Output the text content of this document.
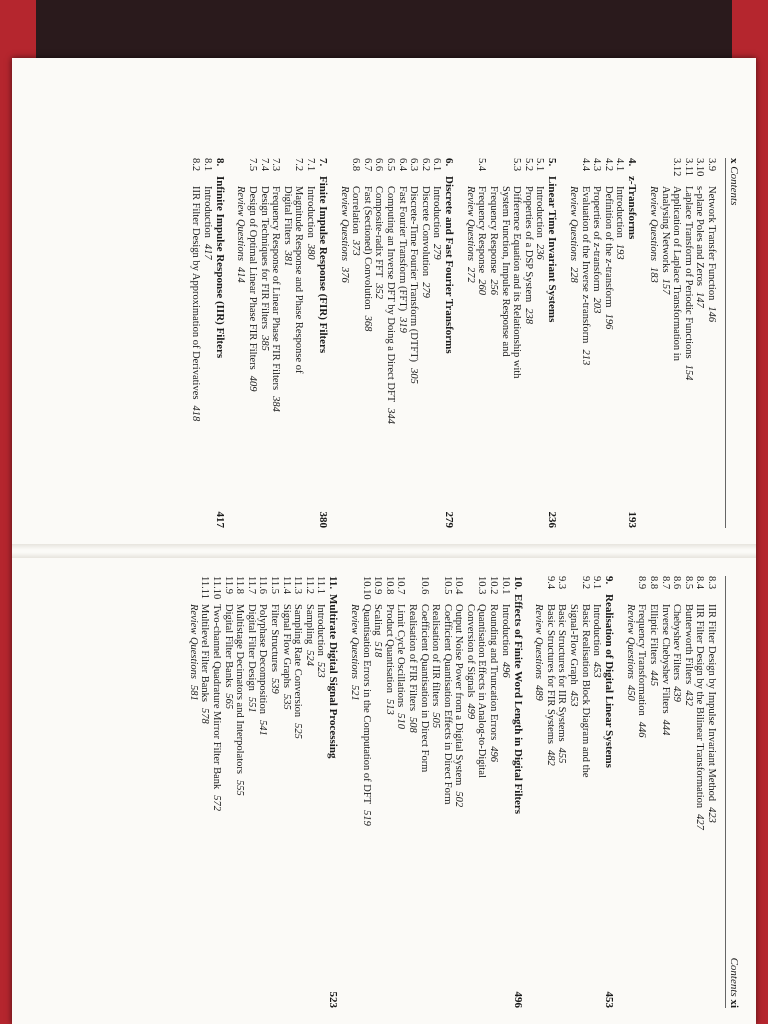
x Contents
3.9
Network Transfer Function146
3.10
s-plane Poles and Zeros147
3.11
Laplace Transform of Periodic Functions154
3.12
Application of Laplace Transformation in
Analysing Networks157
Review Questions183
4.
z-Transforms
193
4.1
Introduction193
4.2
Definition of the z-transform196
4.3
Properties of z-transform203
4.4
Evaluation of the Inverse z-transform213
Review Questions228
5.
Linear Time Invariant Systems
236
5.1
Introduction236
5.2
Properties of a DSP System238
5.3
Difference Equation and its Relationship with
System Function, Impulse Response and
Frequency Response256
5.4
Frequency Response260
Review Questions272
6.
Discrete and Fast Fourier Transforms
279
6.1
Introduction279
6.2
Discrete Convolution279
6.3
Discrete-Time Fourier Transform (DTFT)305
6.4
Fast Fourier Transform (FFT)319
6.5
Computing an Inverse DFT by Doing a Direct DFT344
6.6
Composite-radix FFT352
6.7
Fast (Sectioned) Convolution368
6.8
Correlation373
Review Questions376
7.
Finite Impulse Response (FIR) Filters
380
7.1
Introduction380
7.2
Magnitude Response and Phase Response of
Digital Filters381
7.3
Frequency Response of Linear Phase FIR Filters384
7.4
Design Techniques for FIR Filters385
7.5
Design of Optimal Linear Phase FIR Filters409
Review Questions414
8.
Infinite Impulse Response (IIR) Filters
417
8.1
Introduction417
8.2
IIR Filter Design by Approximation of Derivatives418
Contents xi
8.3
IIR Filter Design by Impulse Invariant Method423
8.4
IIR Filter Design by the Bilinear Transformation427
8.5
Butterworth Filters432
8.6
Chebyshev Filters439
8.7
Inverse Chebyshev Filters444
8.8
Elliptic Filters445
8.9
Frequency Transformation446
Review Questions450
9.
Realisation of Digital Linear Systems
453
9.1
Introduction453
9.2
Basic Realisation Block Diagram and the
Signal-Flow Graph453
9.3
Basic Structures for IIR Systems455
9.4
Basic Structures for FIR Systems482
Review Questions489
10.
Effects of Finite Word Length in Digital Filters
496
10.1
Introduction496
10.2
Rounding and Truncation Errors496
10.3
Quantisation Effects in Analog-to-Digital
Conversion of Signals499
10.4
Output Noise Power from a Digital System502
10.5
Coefficient Quantisation Effects in Direct Form
Realisation of IIR filters505
10.6
Coefficient Quantisation in Direct Form
Realisation of FIR Filters508
10.7
Limit Cycle Oscillations510
10.8
Product Quantisation513
10.9
Scaling518
10.10
Quantisation Errors in the Computation of DFT519
Review Questions521
11.
Multirate Digital Signal Processing
523
11.1
Introduction523
11.2
Sampling524
11.3
Sampling Rate Conversion525
11.4
Signal Flow Graphs535
11.5
Filter Structures539
11.6
Polyphase Decomposition541
11.7
Digital Filter Design551
11.8
Multistage Decimators and Interpolators555
11.9
Digital Filter Banks565
11.10
Two-channel Quadrature Mirror Filter Bank572
11.11
Multilevel Filter Banks578
Review Questions581
